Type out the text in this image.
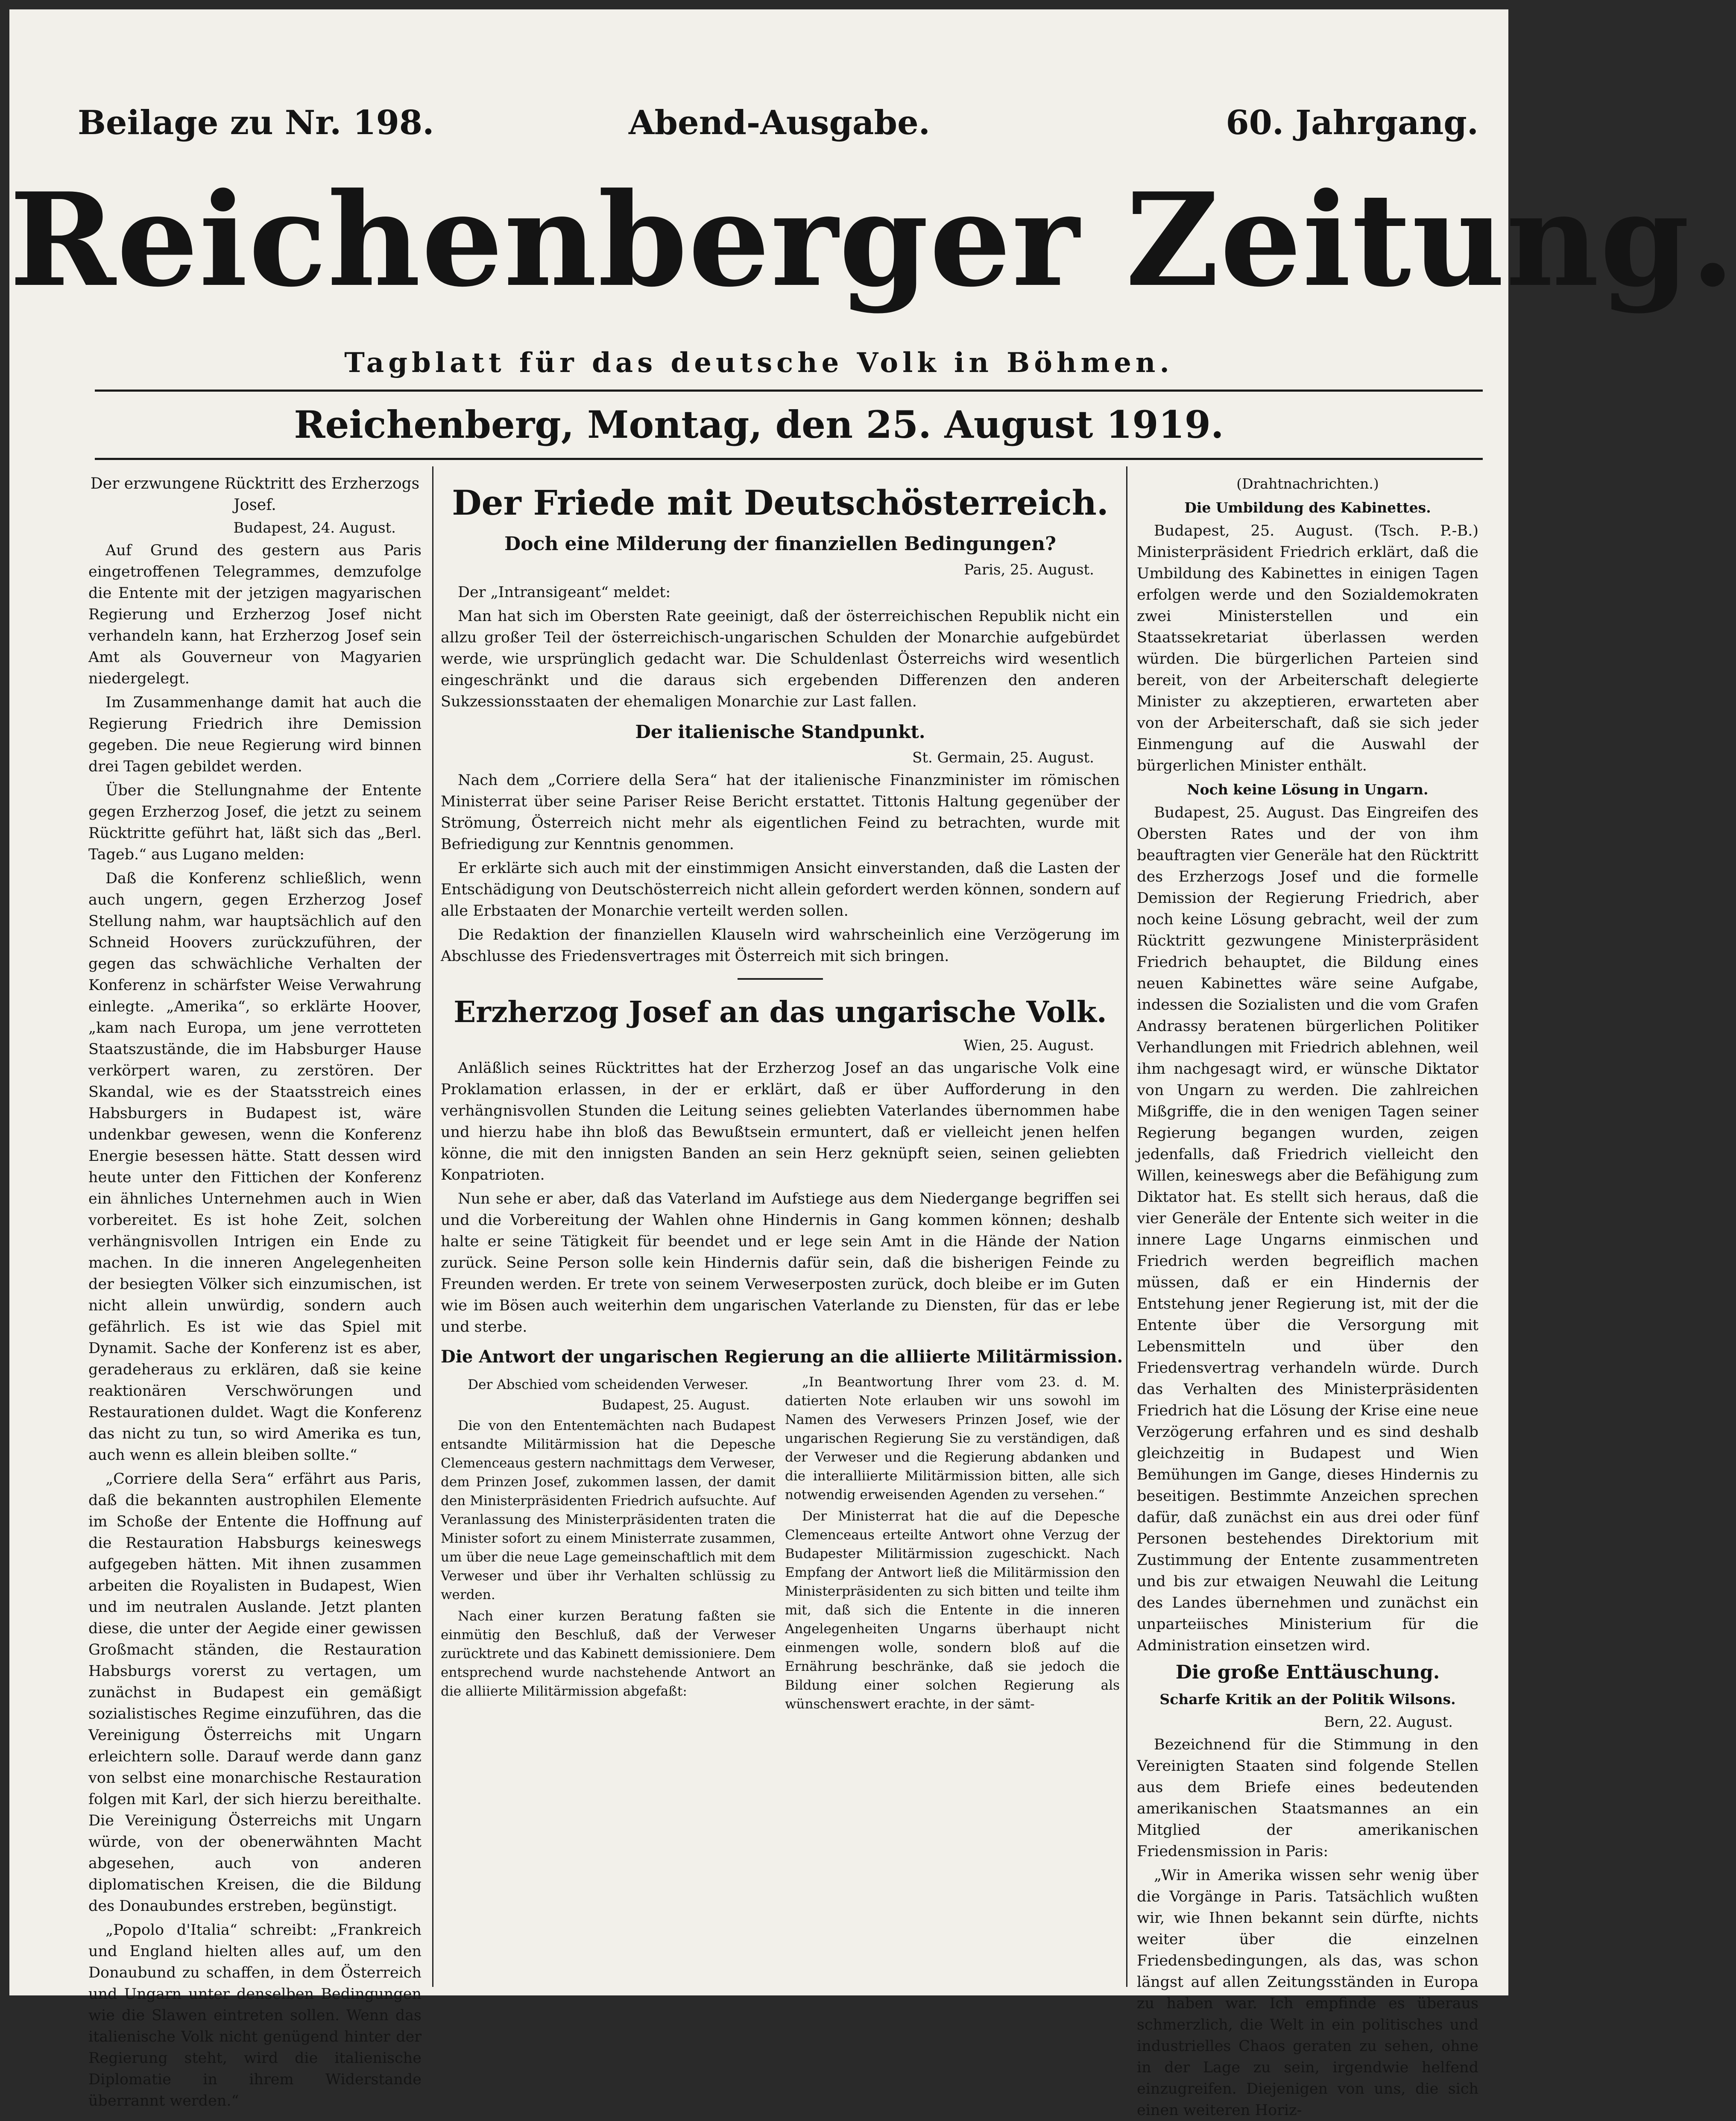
Beilage zu Nr. 198.	Abend-Ausgabe.	60. Jahrgang.
Reichenberger Zeitung.
Tagblatt für das deutsche Volk in Böhmen.
Reichenberg, Montag, den 25. August 1919.
Der erzwungene Rücktritt des Erzherzogs Josef.
Budapest, 24. August.

Auf Grund des gestern aus Paris eingetroffenen Telegrammes, demzufolge die Entente mit der jetzigen magyarischen Regierung und Erzherzog Josef nicht verhandeln kann, hat Erzherzog Josef sein Amt als Gouverneur von Magyarien niedergelegt.

Im Zusammenhange damit hat auch die Regierung Friedrich ihre Demission gegeben. Die neue Regierung wird binnen drei Tagen gebildet werden.

Über die Stellungnahme der Entente gegen Erzherzog Josef, die jetzt zu seinem Rücktritte geführt hat, läßt sich das „Berl. Tageb.“ aus Lugano melden:

Daß die Konferenz schließlich, wenn auch ungern, gegen Erzherzog Josef Stellung nahm, war hauptsächlich auf den Schneid Hoovers zurückzuführen, der gegen das schwächliche Verhalten der Konferenz in schärfster Weise Verwahrung einlegte. „Amerika“, so erklärte Hoover, „kam nach Europa, um jene verrotteten Staatszustände, die im Habsburger Hause verkörpert waren, zu zerstören. Der Skandal, wie es der Staatsstreich eines Habsburgers in Budapest ist, wäre undenkbar gewesen, wenn die Konferenz Energie besessen hätte. Statt dessen wird heute unter den Fittichen der Konferenz ein ähnliches Unternehmen auch in Wien vorbereitet. Es ist hohe Zeit, solchen verhängnisvollen Intrigen ein Ende zu machen. In die inneren Angelegenheiten der besiegten Völker sich einzumischen, ist nicht allein unwürdig, sondern auch gefährlich. Es ist wie das Spiel mit Dynamit. Sache der Konferenz ist es aber, geradeheraus zu erklären, daß sie keine reaktionären Verschwörungen und Restaurationen duldet. Wagt die Konferenz das nicht zu tun, so wird Amerika es tun, auch wenn es allein bleiben sollte.“

„Corriere della Sera“ erfährt aus Paris, daß die bekannten austrophilen Elemente im Schoße der Entente die Hoffnung auf die Restauration Habsburgs keineswegs aufgegeben hätten. Mit ihnen zusammen arbeiten die Royalisten in Budapest, Wien und im neutralen Auslande. Jetzt planten diese, die unter der Aegide einer gewissen Großmacht ständen, die Restauration Habsburgs vorerst zu vertagen, um zunächst in Budapest ein gemäßigt sozialistisches Regime einzuführen, das die Vereinigung Österreichs mit Ungarn erleichtern solle. Darauf werde dann ganz von selbst eine monarchische Restauration folgen mit Karl, der sich hierzu bereithalte. Die Vereinigung Österreichs mit Ungarn würde, von der obenerwähnten Macht abgesehen, auch von anderen diplomatischen Kreisen, die die Bildung des Donaubundes erstreben, begünstigt.

„Popolo d'Italia“ schreibt: „Frankreich und England hielten alles auf, um den Donaubund zu schaffen, in dem Österreich und Ungarn unter denselben Bedingungen wie die Slawen eintreten sollen. Wenn das italienische Volk nicht genügend hinter der Regierung steht, wird die italienische Diplomatie in ihrem Widerstande überrannt werden.“

Der Friede mit Deutschösterreich.
Doch eine Milderung der finanziellen Bedingungen?
Paris, 25. August.

Der „Intransigeant“ meldet:

Man hat sich im Obersten Rate geeinigt, daß der österreichischen Republik nicht ein allzu großer Teil der österreichisch-ungarischen Schulden der Monarchie aufgebürdet werde, wie ursprünglich gedacht war. Die Schuldenlast Österreichs wird wesentlich eingeschränkt und die daraus sich ergebenden Differenzen den anderen Sukzessionsstaaten der ehemaligen Monarchie zur Last fallen.

Der italienische Standpunkt.
St. Germain, 25. August.

Nach dem „Corriere della Sera“ hat der italienische Finanzminister im römischen Ministerrat über seine Pariser Reise Bericht erstattet. Tittonis Haltung gegenüber der Strömung, Österreich nicht mehr als eigentlichen Feind zu betrachten, wurde mit Befriedigung zur Kenntnis genommen.

Er erklärte sich auch mit der einstimmigen Ansicht einverstanden, daß die Lasten der Entschädigung von Deutschösterreich nicht allein gefordert werden können, sondern auf alle Erbstaaten der Monarchie verteilt werden sollen.

Die Redaktion der finanziellen Klauseln wird wahrscheinlich eine Verzögerung im Abschlusse des Friedensvertrages mit Österreich mit sich bringen.

Erzherzog Josef an das ungarische Volk.
Wien, 25. August.

Anläßlich seines Rücktrittes hat der Erzherzog Josef an das ungarische Volk eine Proklamation erlassen, in der er erklärt, daß er über Aufforderung in den verhängnisvollen Stunden die Leitung seines geliebten Vaterlandes übernommen habe und hierzu habe ihn bloß das Bewußtsein ermuntert, daß er vielleicht jenen helfen könne, die mit den innigsten Banden an sein Herz geknüpft seien, seinen geliebten Konpatrioten.

Nun sehe er aber, daß das Vaterland im Aufstiege aus dem Niedergange begriffen sei und die Vorbereitung der Wahlen ohne Hindernis in Gang kommen können; deshalb halte er seine Tätigkeit für beendet und er lege sein Amt in die Hände der Nation zurück. Seine Person solle kein Hindernis dafür sein, daß die bisherigen Feinde zu Freunden werden. Er trete von seinem Verweserposten zurück, doch bleibe er im Guten wie im Bösen auch weiterhin dem ungarischen Vaterlande zu Diensten, für das er lebe und sterbe.

Die Antwort der ungarischen Regierung an die alliierte Militärmission.
Der Abschied vom scheidenden Verweser.
Budapest, 25. August.

Die von den Ententemächten nach Budapest entsandte Militärmission hat die Depesche Clemenceaus gestern nachmittags dem Verweser, dem Prinzen Josef, zukommen lassen, der damit den Ministerpräsidenten Friedrich aufsuchte. Auf Veranlassung des Ministerpräsidenten traten die Minister sofort zu einem Ministerrate zusammen, um über die neue Lage gemeinschaftlich mit dem Verweser und über ihr Verhalten schlüssig zu werden.

Nach einer kurzen Beratung faßten sie einmütig den Beschluß, daß der Verweser zurücktrete und das Kabinett demissioniere. Dem entsprechend wurde nachstehende Antwort an die alliierte Militärmission abgefaßt:

„In Beantwortung Ihrer vom 23. d. M. datierten Note erlauben wir uns sowohl im Namen des Verwesers Prinzen Josef, wie der ungarischen Regierung Sie zu verständigen, daß der Verweser und die Regierung abdanken und die interalliierte Militärmission bitten, alle sich notwendig erweisenden Agenden zu versehen.“

Der Ministerrat hat die auf die Depesche Clemenceaus erteilte Antwort ohne Verzug der Budapester Militärmission zugeschickt. Nach Empfang der Antwort ließ die Militärmission den Ministerpräsidenten zu sich bitten und teilte ihm mit, daß sich die Entente in die inneren Angelegenheiten Ungarns überhaupt nicht einmengen wolle, sondern bloß auf die Ernährung beschränke, daß sie jedoch die Bildung einer solchen Regierung als wünschenswert erachte, in der sämt-

(Drahtnachrichten.)
Die Umbildung des Kabinettes.

Budapest, 25. August. (Tsch. P.-B.) Ministerpräsident Friedrich erklärt, daß die Umbildung des Kabinettes in einigen Tagen erfolgen werde und den Sozialdemokraten zwei Ministerstellen und ein Staatssekretariat überlassen werden würden. Die bürgerlichen Parteien sind bereit, von der Arbeiterschaft delegierte Minister zu akzeptieren, erwarteten aber von der Arbeiterschaft, daß sie sich jeder Einmengung auf die Auswahl der bürgerlichen Minister enthält.

Noch keine Lösung in Ungarn.

Budapest, 25. August. Das Eingreifen des Obersten Rates und der von ihm beauftragten vier Generäle hat den Rücktritt des Erzherzogs Josef und die formelle Demission der Regierung Friedrich, aber noch keine Lösung gebracht, weil der zum Rücktritt gezwungene Ministerpräsident Friedrich behauptet, die Bildung eines neuen Kabinettes wäre seine Aufgabe, indessen die Sozialisten und die vom Grafen Andrassy beratenen bürgerlichen Politiker Verhandlungen mit Friedrich ablehnen, weil ihm nachgesagt wird, er wünsche Diktator von Ungarn zu werden. Die zahlreichen Mißgriffe, die in den wenigen Tagen seiner Regierung begangen wurden, zeigen jedenfalls, daß Friedrich vielleicht den Willen, keineswegs aber die Befähigung zum Diktator hat. Es stellt sich heraus, daß die vier Generäle der Entente sich weiter in die innere Lage Ungarns einmischen und Friedrich werden begreiflich machen müssen, daß er ein Hindernis der Entstehung jener Regierung ist, mit der die Entente über die Versorgung mit Lebensmitteln und über den Friedensvertrag verhandeln würde. Durch das Verhalten des Ministerpräsidenten Friedrich hat die Lösung der Krise eine neue Verzögerung erfahren und es sind deshalb gleichzeitig in Budapest und Wien Bemühungen im Gange, dieses Hindernis zu beseitigen. Bestimmte Anzeichen sprechen dafür, daß zunächst ein aus drei oder fünf Personen bestehendes Direktorium mit Zustimmung der Entente zusammentreten und bis zur etwaigen Neuwahl die Leitung des Landes übernehmen und zunächst ein unparteiisches Ministerium für die Administration einsetzen wird.

Die große Enttäuschung.
Scharfe Kritik an der Politik Wilsons.
Bern, 22. August.

Bezeichnend für die Stimmung in den Vereinigten Staaten sind folgende Stellen aus dem Briefe eines bedeutenden amerikanischen Staatsmannes an ein Mitglied der amerikanischen Friedensmission in Paris:

„Wir in Amerika wissen sehr wenig über die Vorgänge in Paris. Tatsächlich wußten wir, wie Ihnen bekannt sein dürfte, nichts weiter über die einzelnen Friedensbedingungen, als das, was schon längst auf allen Zeitungsständen in Europa zu haben war. Ich empfinde es überaus schmerzlich, die Welt in ein politisches und industrielles Chaos geraten zu sehen, ohne in der Lage zu sein, irgendwie helfend einzugreifen. Diejenigen von uns, die sich einen weiteren Horiz-
